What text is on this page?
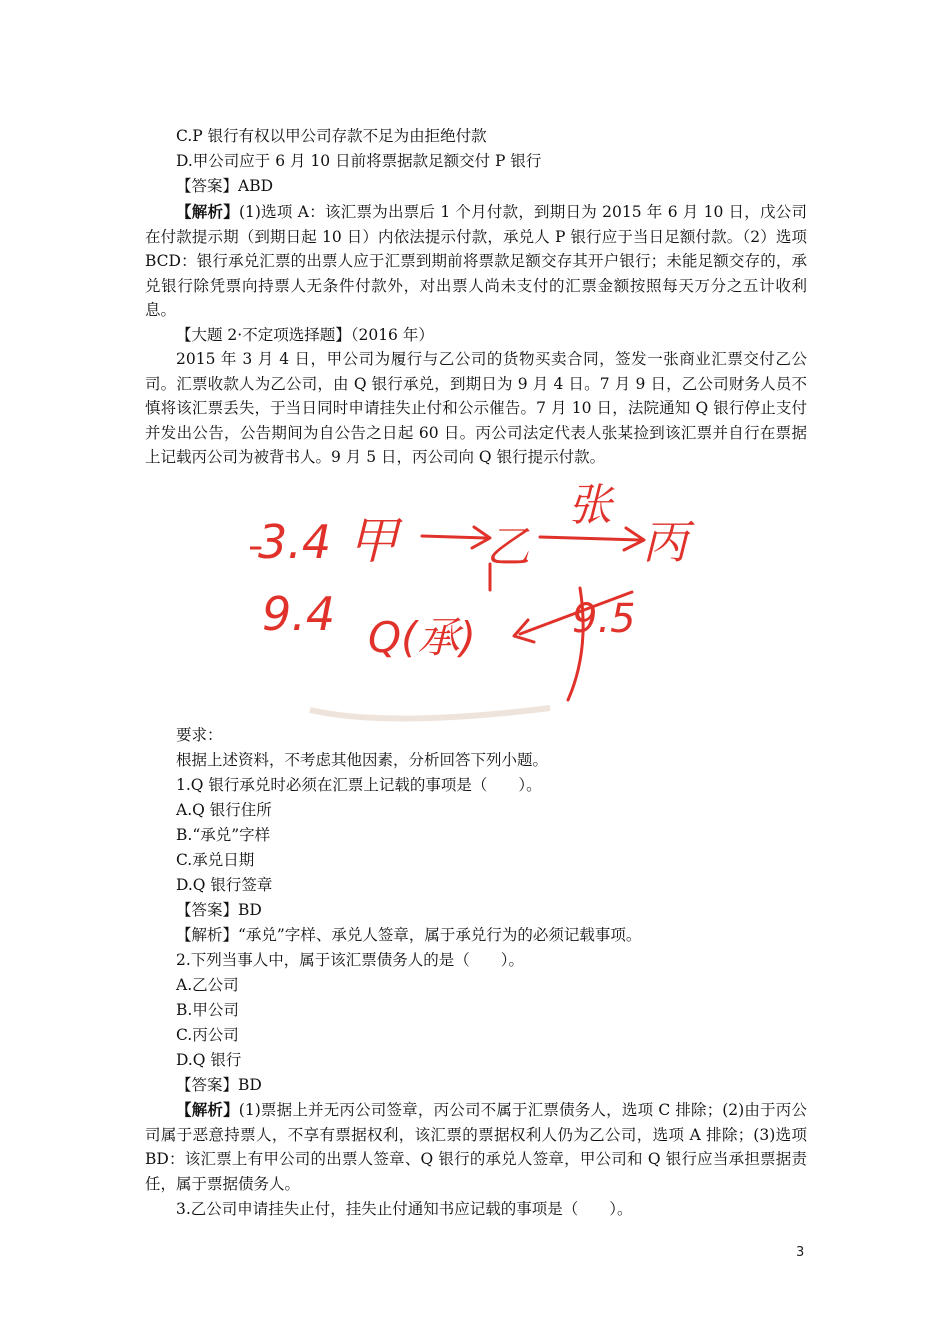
C.P 银行有权以甲公司存款不足为由拒绝付款
D.甲公司应于 6 月 10 日前将票据款足额交付 P 银行
【答案】ABD

【解析】(1)选项 A：该汇票为出票后 1 个月付款，到期日为 2015 年 6 月 10 日，戊公司在付款提示期（到期日起 10 日）内依法提示付款，承兑人 P 银行应于当日足额付款。（2）选项 BCD：银行承兑汇票的出票人应于汇票到期前将票款足额交存其开户银行；未能足额交存的，承兑银行除凭票向持票人无条件付款外，对出票人尚未支付的汇票金额按照每天万分之五计收利息。

【大题 2·不定项选择题】（2016 年）

2015 年 3 月 4 日，甲公司为履行与乙公司的货物买卖合同，签发一张商业汇票交付乙公司。汇票收款人为乙公司，由 Q 银行承兑，到期日为 9 月 4 日。7 月 9 日，乙公司财务人员不慎将该汇票丢失，于当日同时申请挂失止付和公示催告。7 月 10 日，法院通知 Q 银行停止支付并发出公告，公告期间为自公告之日起 60 日。丙公司法定代表人张某捡到该汇票并自行在票据上记载丙公司为被背书人。9 月 5 日，丙公司向 Q 银行提示付款。

3.4 甲 乙
张
丙
9.4 Q(承) 9.5
要求：
根据上述资料，不考虑其他因素，分析回答下列小题。
1.Q 银行承兑时必须在汇票上记载的事项是（　　）。
A.Q 银行住所
B.“承兑”字样
C.承兑日期
D.Q 银行签章
【答案】BD
【解析】“承兑”字样、承兑人签章，属于承兑行为的必须记载事项。
2.下列当事人中，属于该汇票债务人的是（　　）。
A.乙公司
B.甲公司
C.丙公司
D.Q 银行
【答案】BD

【解析】(1)票据上并无丙公司签章，丙公司不属于汇票债务人，选项 C 排除；(2)由于丙公司属于恶意持票人，不享有票据权利，该汇票的票据权利人仍为乙公司，选项 A 排除；(3)选项 BD：该汇票上有甲公司的出票人签章、Q 银行的承兑人签章，甲公司和 Q 银行应当承担票据责任，属于票据债务人。

3.乙公司申请挂失止付，挂失止付通知书应记载的事项是（　　）。
3
